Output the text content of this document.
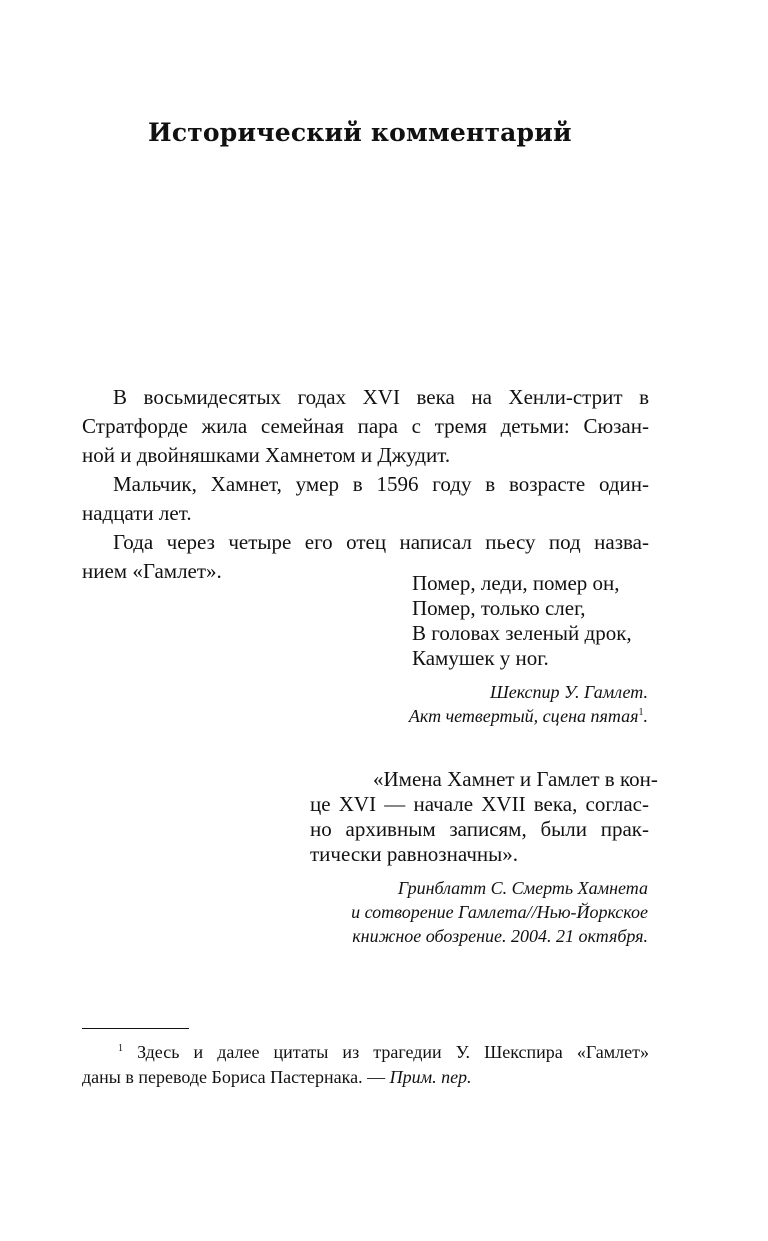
Исторический комментарий
В восьмидесятых годах XVI века на Хенли-стрит в
Стратфорде жила семейная пара с тремя детьми: Сюзан-
ной и двойняшками Хамнетом и Джудит.
Мальчик, Хамнет, умер в 1596 году в возрасте один-
надцати лет.
Года через четыре его отец написал пьесу под назва-
нием «Гамлет».	Помер, леди, помер он,
Помер, только слег,
В головах зеленый дрок,
Камушек у ног.
Шекспир У. Гамлет.
Акт четвертый, сцена пятая$^1$.
«Имена Хамнет и Гамлет в кон-
це XVI — начале XVII века, соглас-
но архивным записям, были прак-
тически равнозначны».
Гринблатт С. Смерть Хамнета
и сотворение Гамлета//Нью-Йоркское
книжное обозрение. 2004. 21 октября.
$^1$ Здесь и далее цитаты из трагедии У. Шекспира «Гамлет»
даны в переводе Бориса Пастернака. — Прим. пер.
